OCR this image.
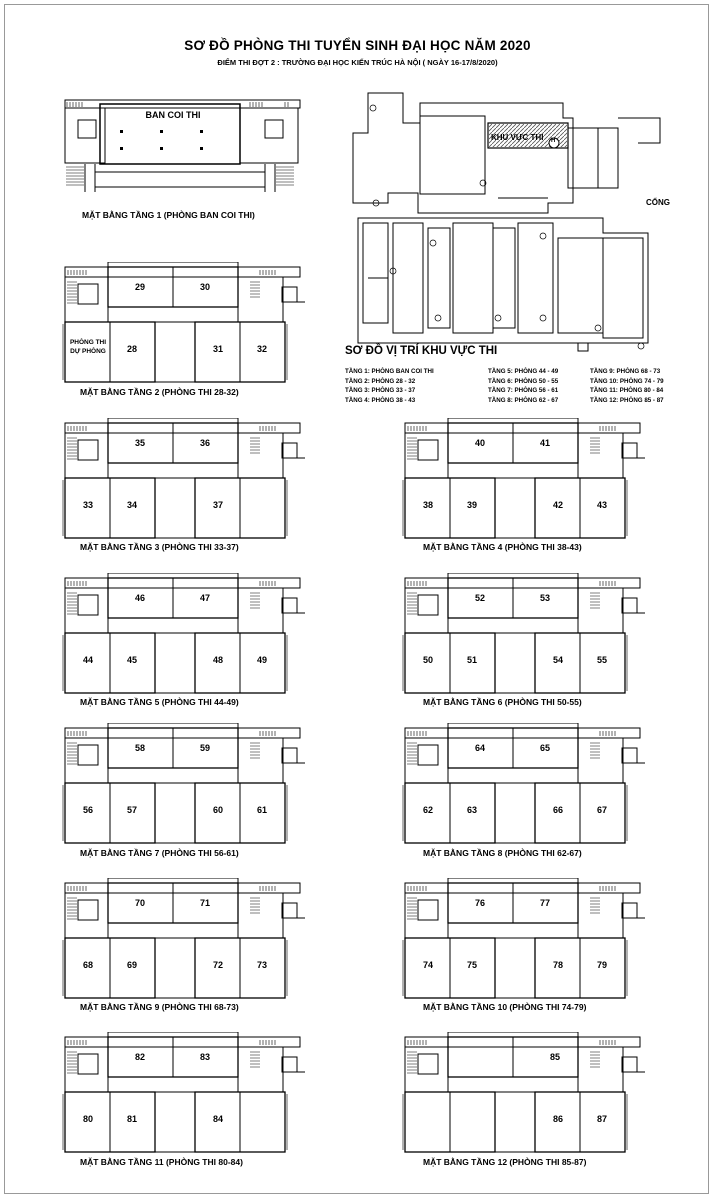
SƠ ĐỒ PHÒNG THI TUYỂN SINH ĐẠI HỌC NĂM 2020
ĐIỂM THI ĐỢT 2 : TRƯỜNG ĐẠI HỌC KIẾN TRÚC HÀ NỘI ( NGÀY 16-17/8/2020)
BAN COI THI
MẶT BẰNG TẦNG 1 (PHÒNG BAN COI THI)
KHU VỰC THI H
CỔNG
SƠ ĐỒ VỊ TRÍ KHU VỰC THI
TẦNG 1: PHÒNG BAN COI THI
TẦNG 2: PHÒNG 28 - 32
TẦNG 3: PHÒNG 33 - 37
TẦNG 4: PHÒNG 38 - 43
TẦNG 5: PHÒNG 44 - 49
TẦNG 6: PHÒNG 50 - 55
TẦNG 7: PHÒNG 56 - 61
TẦNG 8: PHÒNG 62 - 67
TẦNG 9: PHÒNG 68 - 73
TẦNG 10: PHÒNG 74 - 79
TẦNG 11: PHÒNG 80 - 84
TẦNG 12: PHÒNG 85 - 87
29	30
28	31	32
PHÒNG THI DỰ PHÒNG
MẶT BẰNG TẦNG 2 (PHÒNG THI 28-32)
35	36
33	34	37
MẶT BẰNG TẦNG 3 (PHÒNG THI 33-37)
40	41
38	39	42	43
MẶT BẰNG TẦNG 4 (PHÒNG THI 38-43)
46	47
44	45	48	49
MẶT BẰNG TẦNG 5 (PHÒNG THI 44-49)
52	53
50	51	54	55
MẶT BẰNG TẦNG 6 (PHÒNG THI 50-55)
58	59
56	57	60	61
MẶT BẰNG TẦNG 7 (PHÒNG THI 56-61)
64	65
62	63	66	67
MẶT BẰNG TẦNG 8 (PHÒNG THI 62-67)
70	71
68	69	72	73
MẶT BẰNG TẦNG 9 (PHÒNG THI 68-73)
76	77
74	75	78	79
MẶT BẰNG TẦNG 10 (PHÒNG THI 74-79)
82	83
80	81	84
MẶT BẰNG TẦNG 11 (PHÒNG THI 80-84)
85
86	87
MẶT BẰNG TẦNG 12 (PHÒNG THI 85-87)
